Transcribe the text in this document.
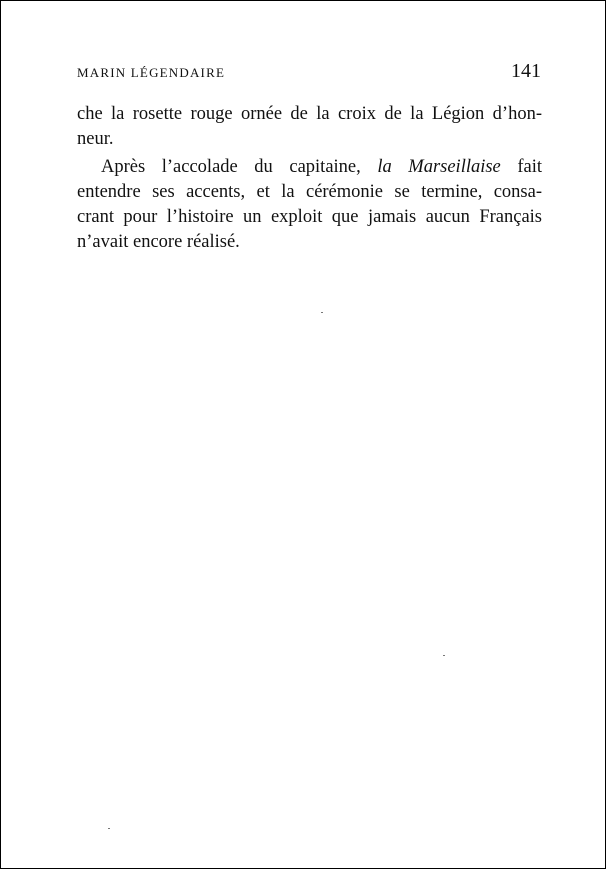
MARIN LÉGENDAIRE	141
che la rosette rouge ornée de la croix de la Légion d’hon-
neur.
Après l’accolade du capitaine, la Marseillaise fait
entendre ses accents, et la cérémonie se termine, consa-
crant pour l’histoire un exploit que jamais aucun Français
n’avait encore réalisé.
